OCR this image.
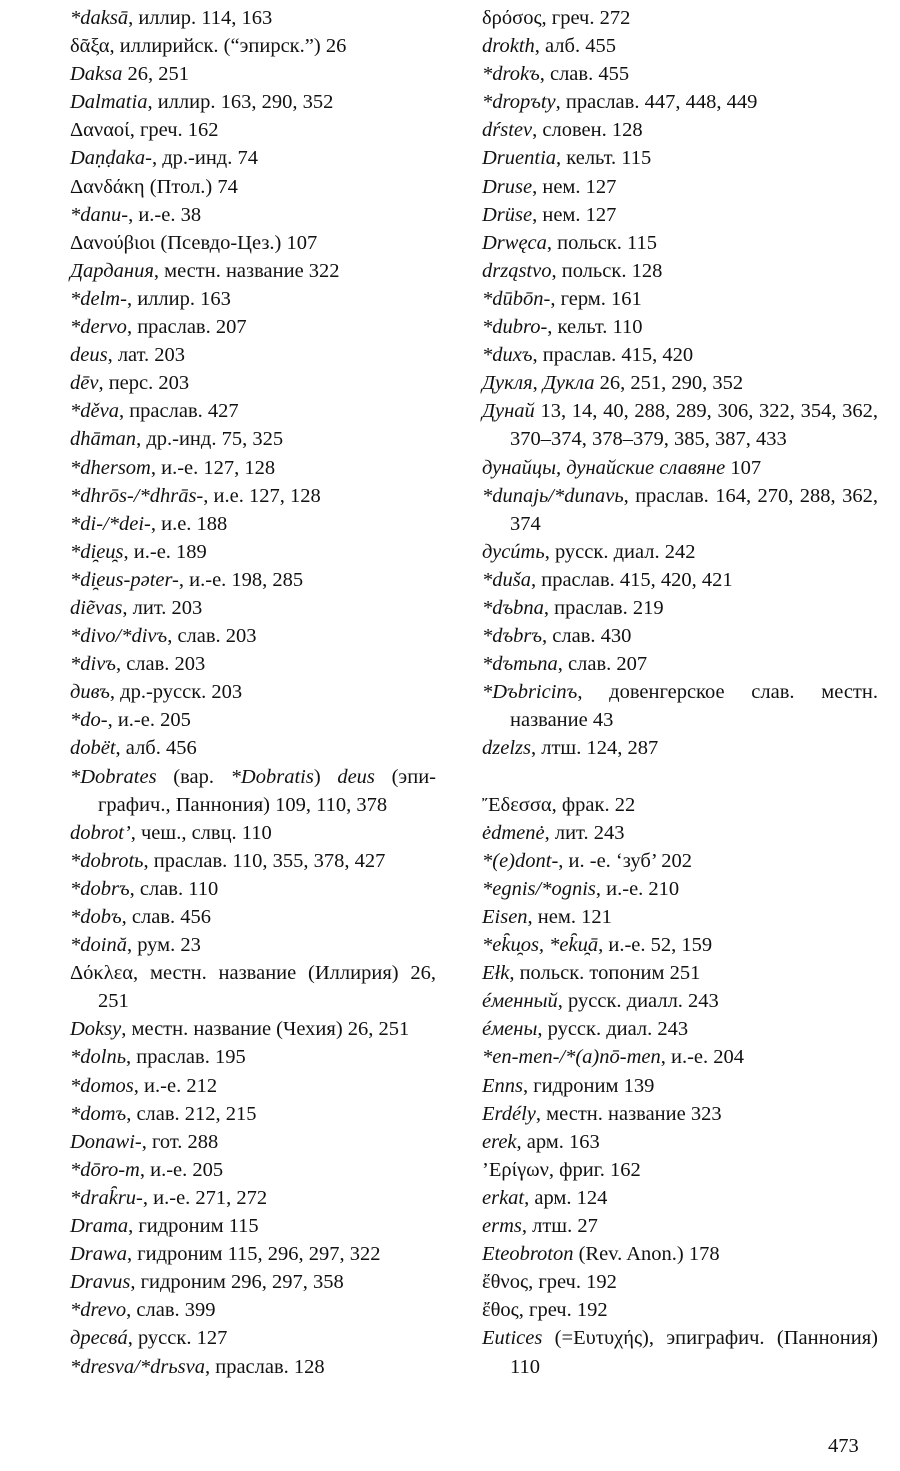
*daksā, иллир. 114, 163
δᾶξα, иллирийск. (“эпирск.”) 26
Daksa 26, 251
Dalmatia, иллир. 163, 290, 352
Δαναοί, греч. 162
Daṇḍaka-, др.-инд. 74
Δανδάκη (Птол.) 74
*danu-, и.-е. 38
Δανούβιοι (Псевдо-Цез.) 107
Дардания, местн. название 322
*delm-, иллир. 163
*dervo, праслав. 207
deus, лат. 203
dēv, перс. 203
*děva, праслав. 427
dhāman, др.-инд. 75, 325
*dhersom, и.-е. 127, 128
*dhrōs-/*dhrās-, и.е. 127, 128
*di-/*dei-, и.е. 188
*di̯eu̯s, и.-е. 189
*di̯eus-pəter-, и.-е. 198, 285
diẽvas, лит. 203
*divo/*divъ, слав. 203
*divъ, слав. 203
дивъ, др.-русск. 203
*do-, и.-е. 205
dobët, алб. 456
*Dobrates (вар. *Dobratis) deus (эпиграфич., Паннония) 109, 110, 378
dobrot’, чеш., слвц. 110
*dobrotь, праслав. 110, 355, 378, 427
*dobrъ, слав. 110
*dobъ, слав. 456
*doină, рум. 23
Δόκλεα, местн. название (Иллирия) 26, 251
Doksy, местн. название (Чехия) 26, 251
*dolnь, праслав. 195
*domos, и.-е. 212
*domъ, слав. 212, 215
Donawi-, гот. 288
*dōro-m, и.-е. 205
*drak̑ru-, и.-е. 271, 272
Drama, гидроним 115
Drawa, гидроним 115, 296, 297, 322
Dravus, гидроним 296, 297, 358
*drevo, слав. 399
дресвá, русск. 127
*dresva/*drьsva, праслав. 128
δρόσος, греч. 272
drokth, алб. 455
*drokъ, слав. 455
*dropъty, праслав. 447, 448, 449
dŕstev, словен. 128
Druentia, кельт. 115
Druse, нем. 127
Drüse, нем. 127
Drwęca, польск. 115
drząstvo, польск. 128
*dūbōn-, герм. 161
*dubro-, кельт. 110
*duxъ, праслав. 415, 420
Дукля, Дукла 26, 251, 290, 352
Дунай 13, 14, 40, 288, 289, 306, 322, 354, 362, 370–374, 378–379, 385, 387, 433
дунайцы, дунайские славяне 107
*dunajь/*dunavь, праслав. 164, 270, 288, 362, 374
дусúть, русск. диал. 242
*duša, праслав. 415, 420, 421
*dъbna, праслав. 219
*dъbrъ, слав. 430
*dъmьna, слав. 207
*Dъbricinъ, довенгерское слав. местн. название 43
dzelzs, лтш. 124, 287
Ἔδεσσα, фрак. 22
ėdmenė, лит. 243
*(e)dont-, и. -е. ‘зуб’ 202
*egnis/*ognis, и.-е. 210
Eisen, нем. 121
*ek̑u̯os, *ek̑u̯ā, и.-е. 52, 159
Ełk, польск. топоним 251
éменный, русск. диалл. 243
éмены, русск. диал. 243
*en-men-/*(a)nō-men, и.-е. 204
Enns, гидроним 139
Erdély, местн. название 323
erek, арм. 163
’Ερίγων, фриг. 162
erkat, арм. 124
erms, лтш. 27
Eteobroton (Rev. Anon.) 178
ἔθνος, греч. 192
ἔθος, греч. 192
Eutices (=Ευτυχής), эпиграфич. (Паннония) 110
473
